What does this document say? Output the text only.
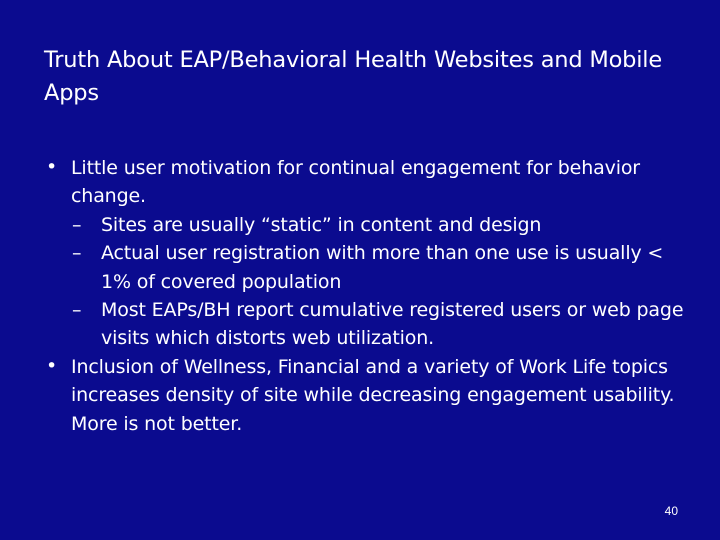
Truth About EAP/Behavioral Health Websites and Mobile Apps
• Little user motivation for continual engagement for behavior change.
– Sites are usually “static” in content and design
– Actual user registration with more than one use is usually < 1% of covered population
– Most EAPs/BH report cumulative registered users or web page visits which distorts web utilization.
• Inclusion of Wellness, Financial and a variety of Work Life topics increases density of site while decreasing engagement usability. More is not better.
40
